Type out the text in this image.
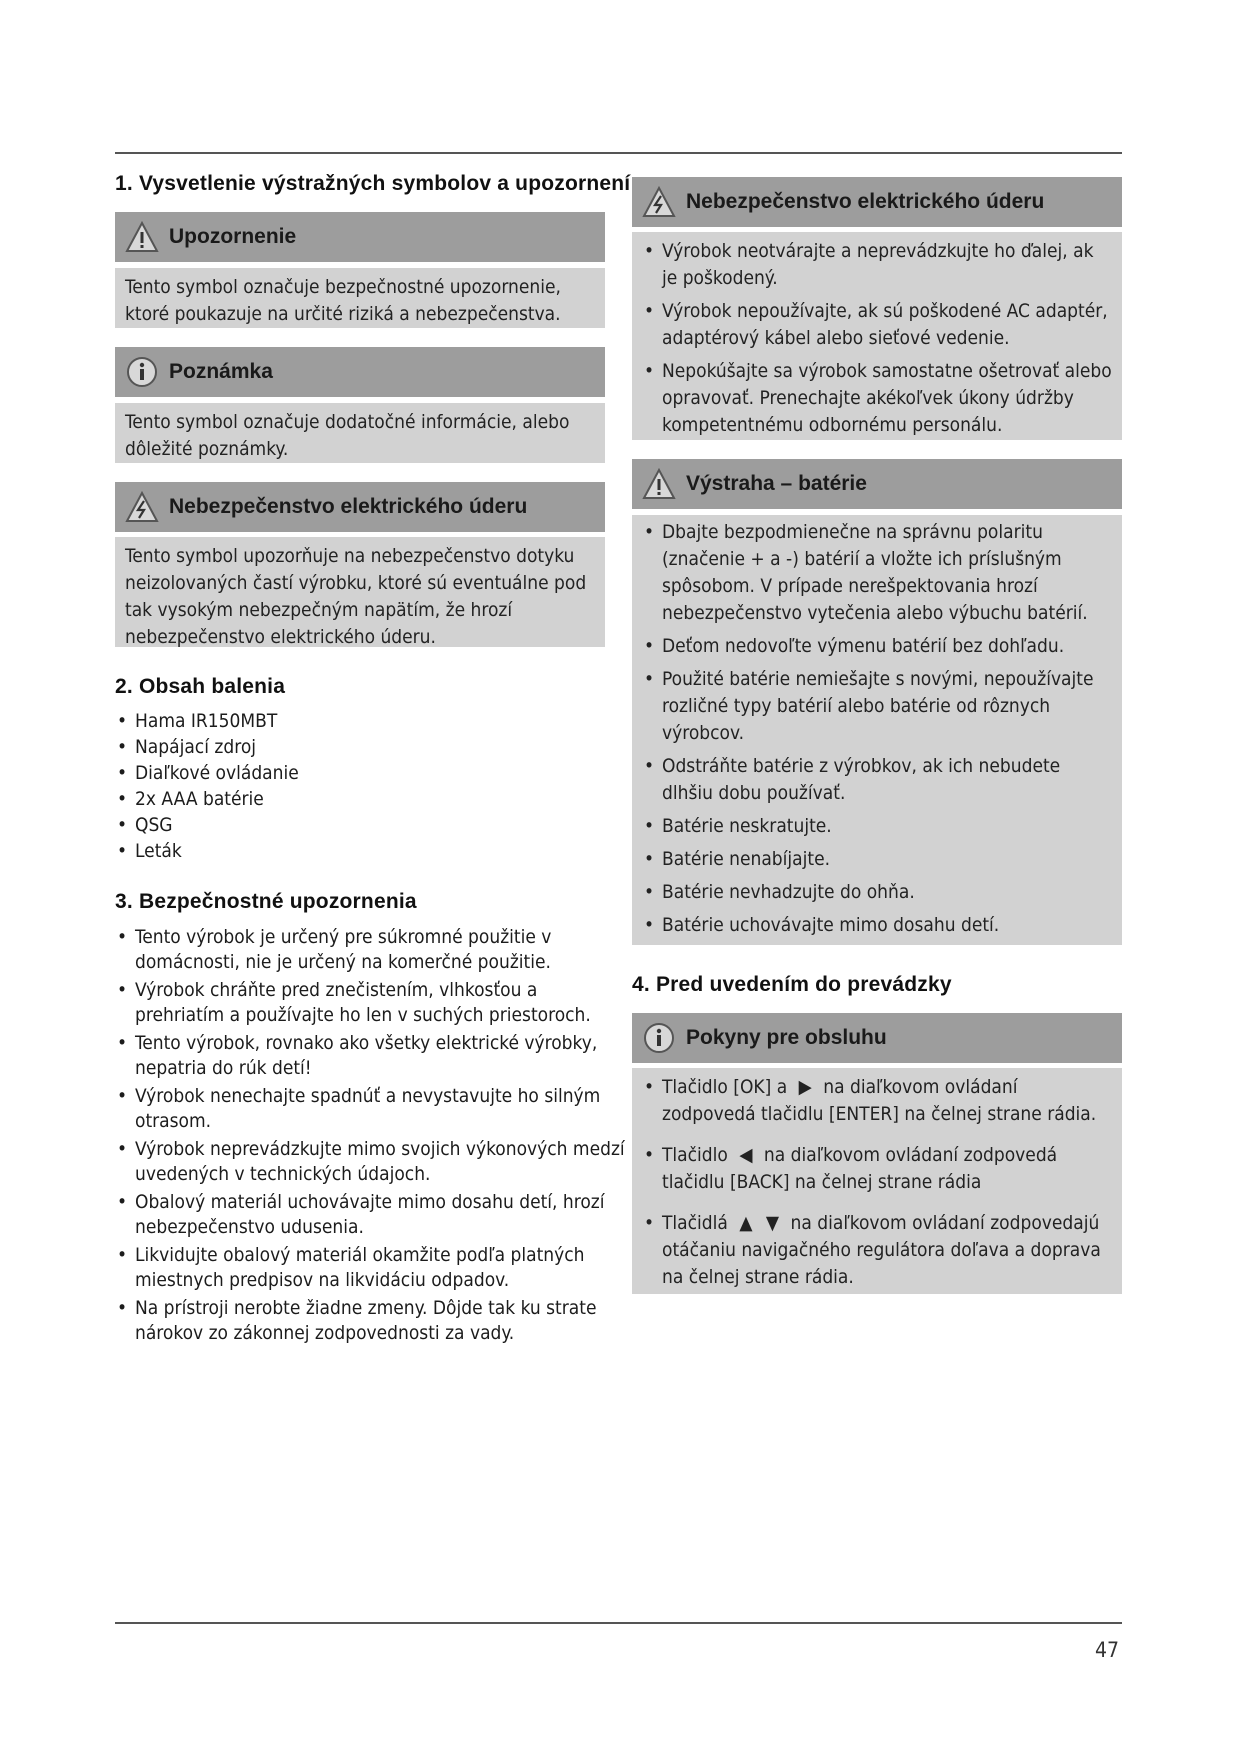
1. Vysvetlenie výstražných symbolov a upozornení
Upozornenie
Tento symbol označuje bezpečnostné upozornenie, ktoré poukazuje na určité riziká a nebezpečenstva.
Poznámka
Tento symbol označuje dodatočné informácie, alebo dôležité poznámky.
Nebezpečenstvo elektrického úderu
Tento symbol upozorňuje na nebezpečenstvo dotyku neizolovaných častí výrobku, ktoré sú eventuálne pod tak vysokým nebezpečným napätím, že hrozí nebezpečenstvo elektrického úderu.
2. Obsah balenia
• Hama IR150MBT
• Napájací zdroj
• Diaľkové ovládanie
• 2x AAA batérie
• QSG
• Leták
3. Bezpečnostné upozornenia
• Tento výrobok je určený pre súkromné použitie v domácnosti, nie je určený na komerčné použitie.
• Výrobok chráňte pred znečistením, vlhkosťou a prehriatím a používajte ho len v suchých priestoroch.
• Tento výrobok, rovnako ako všetky elektrické výrobky, nepatria do rúk detí!
• Výrobok nenechajte spadnúť a nevystavujte ho silným otrasom.
• Výrobok neprevádzkujte mimo svojich výkonových medzí uvedených v technických údajoch.
• Obalový materiál uchovávajte mimo dosahu detí, hrozí nebezpečenstvo udusenia.
• Likvidujte obalový materiál okamžite podľa platných miestnych predpisov na likvidáciu odpadov.
• Na prístroji nerobte žiadne zmeny. Dôjde tak ku strate nárokov zo zákonnej zodpovednosti za vady.
Nebezpečenstvo elektrického úderu
• Výrobok neotvárajte a neprevádzkujte ho ďalej, ak je poškodený.
• Výrobok nepoužívajte, ak sú poškodené AC adaptér, adaptérový kábel alebo sieťové vedenie.
• Nepokúšajte sa výrobok samostatne ošetrovať alebo opravovať. Prenechajte akékoľvek úkony údržby kompetentnému odbornému personálu.
Výstraha – batérie
• Dbajte bezpodmienečne na správnu polaritu (značenie + a -) batérií a vložte ich príslušným spôsobom. V prípade nerešpektovania hrozí nebezpečenstvo vytečenia alebo výbuchu batérií.
• Deťom nedovoľte výmenu batérií bez dohľadu.
• Použité batérie nemiešajte s novými, nepoužívajte rozličné typy batérií alebo batérie od rôznych výrobcov.
• Odstráňte batérie z výrobkov, ak ich nebudete dlhšiu dobu používať.
• Batérie neskratujte.
• Batérie nenabíjajte.
• Batérie nevhadzujte do ohňa.
• Batérie uchovávajte mimo dosahu detí.
4. Pred uvedením do prevádzky
Pokyny pre obsluhu
• Tlačidlo [OK] a ▶ na diaľkovom ovládaní zodpovedá tlačidlu [ENTER] na čelnej strane rádia.
• Tlačidlo ◀ na diaľkovom ovládaní zodpovedá tlačidlu [BACK] na čelnej strane rádia
• Tlačidlá ▲ ▼ na diaľkovom ovládaní zodpovedajú otáčaniu navigačného regulátora doľava a doprava na čelnej strane rádia.
47
